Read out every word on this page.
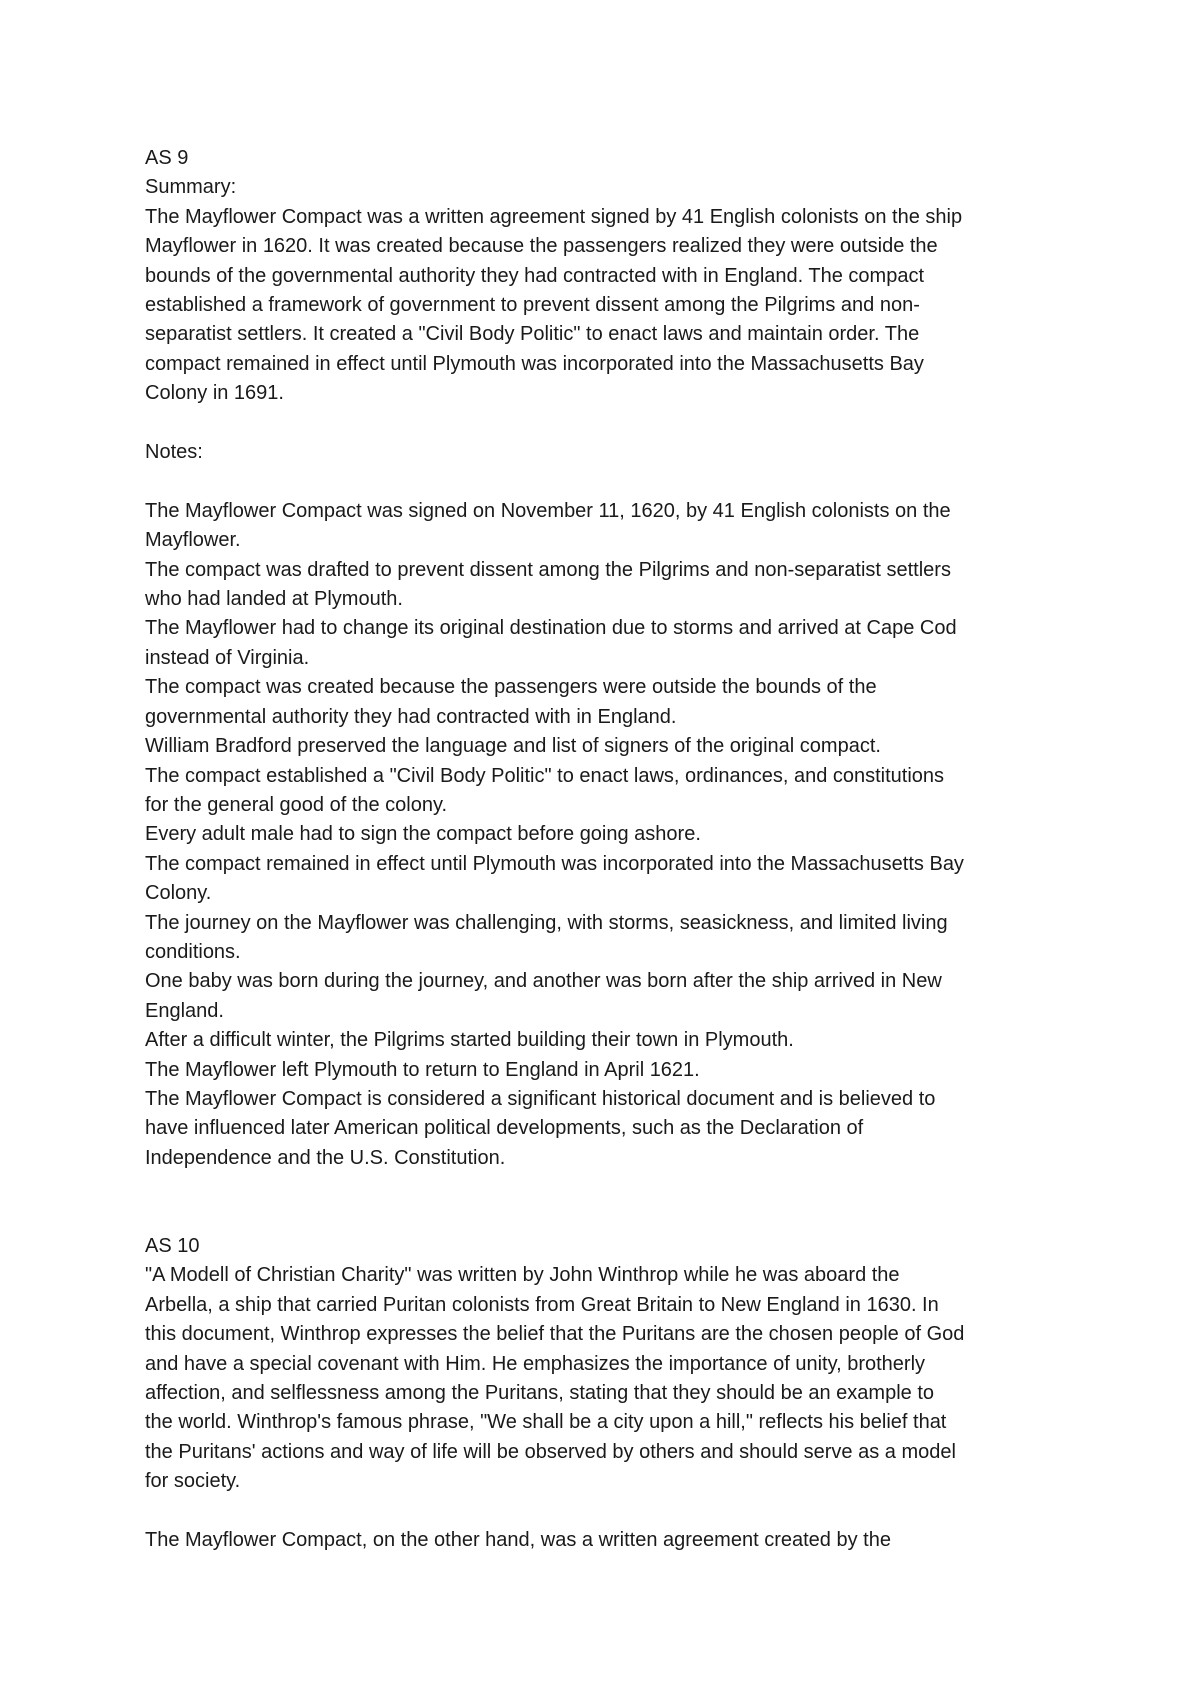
AS 9
Summary:
The Mayflower Compact was a written agreement signed by 41 English colonists on the ship
Mayflower in 1620. It was created because the passengers realized they were outside the
bounds of the governmental authority they had contracted with in England. The compact
established a framework of government to prevent dissent among the Pilgrims and non-
separatist settlers. It created a "Civil Body Politic" to enact laws and maintain order. The
compact remained in effect until Plymouth was incorporated into the Massachusetts Bay
Colony in 1691.
Notes:
The Mayflower Compact was signed on November 11, 1620, by 41 English colonists on the
Mayflower.
The compact was drafted to prevent dissent among the Pilgrims and non-separatist settlers
who had landed at Plymouth.
The Mayflower had to change its original destination due to storms and arrived at Cape Cod
instead of Virginia.
The compact was created because the passengers were outside the bounds of the
governmental authority they had contracted with in England.
William Bradford preserved the language and list of signers of the original compact.
The compact established a "Civil Body Politic" to enact laws, ordinances, and constitutions
for the general good of the colony.
Every adult male had to sign the compact before going ashore.
The compact remained in effect until Plymouth was incorporated into the Massachusetts Bay
Colony.
The journey on the Mayflower was challenging, with storms, seasickness, and limited living
conditions.
One baby was born during the journey, and another was born after the ship arrived in New
England.
After a difficult winter, the Pilgrims started building their town in Plymouth.
The Mayflower left Plymouth to return to England in April 1621.
The Mayflower Compact is considered a significant historical document and is believed to
have influenced later American political developments, such as the Declaration of
Independence and the U.S. Constitution.
AS 10
"A Modell of Christian Charity" was written by John Winthrop while he was aboard the
Arbella, a ship that carried Puritan colonists from Great Britain to New England in 1630. In
this document, Winthrop expresses the belief that the Puritans are the chosen people of God
and have a special covenant with Him. He emphasizes the importance of unity, brotherly
affection, and selflessness among the Puritans, stating that they should be an example to
the world. Winthrop's famous phrase, "We shall be a city upon a hill," reflects his belief that
the Puritans' actions and way of life will be observed by others and should serve as a model
for society.
The Mayflower Compact, on the other hand, was a written agreement created by the
